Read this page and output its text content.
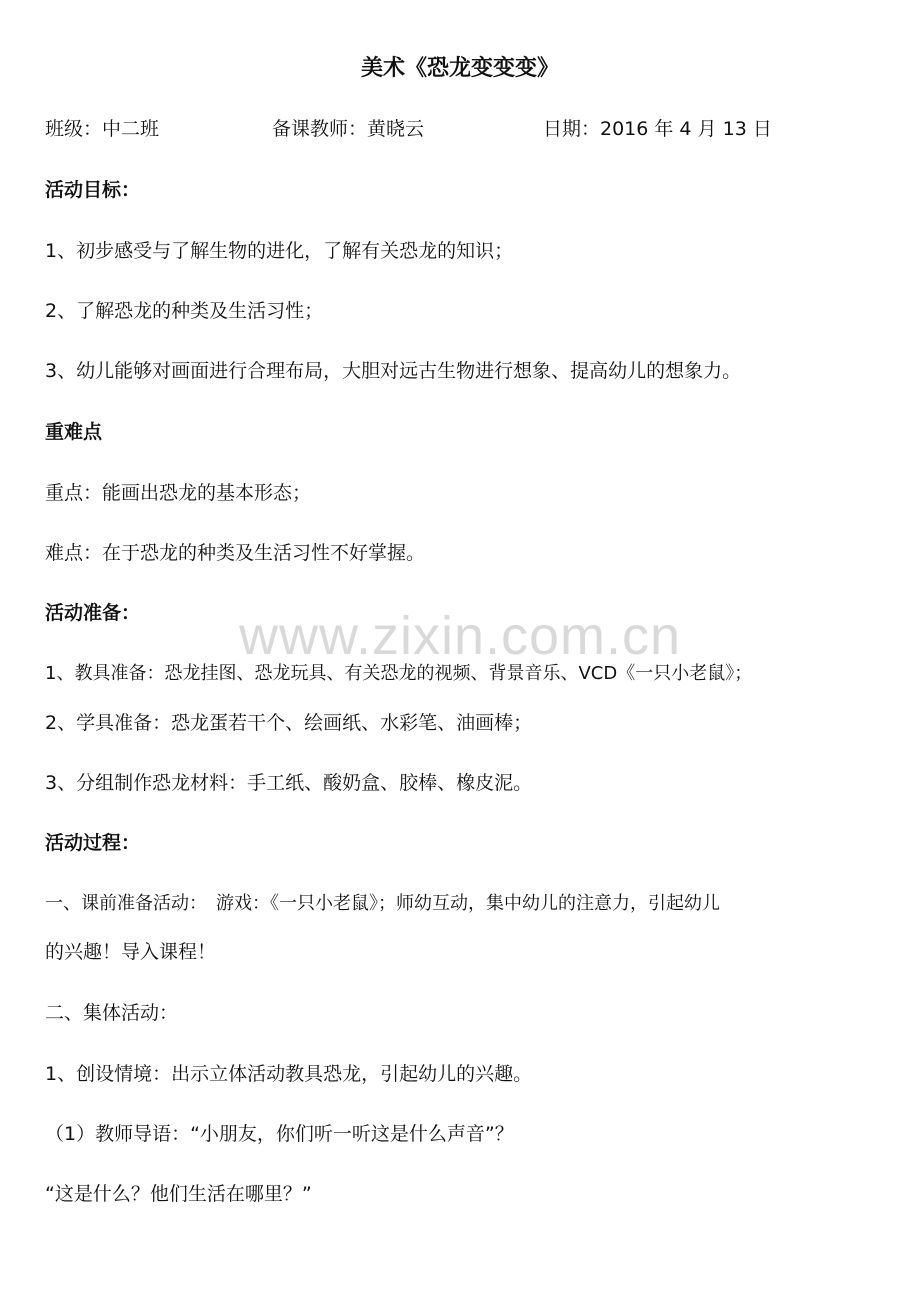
美术《恐龙变变变》
班级：中二班	备课教师：黄晓云	日期：2016 年 4 月 13 日
活动目标：
1、初步感受与了解生物的进化，了解有关恐龙的知识；
2、了解恐龙的种类及生活习性；
3、幼儿能够对画面进行合理布局，大胆对远古生物进行想象、提高幼儿的想象力。
重难点
重点：能画出恐龙的基本形态；
难点：在于恐龙的种类及生活习性不好掌握。
活动准备：
1、教具准备：恐龙挂图、恐龙玩具、有关恐龙的视频、背景音乐、VCD《一只小老鼠》；
2、学具准备：恐龙蛋若干个、绘画纸、水彩笔、油画棒；
3、分组制作恐龙材料：手工纸、酸奶盒、胶棒、橡皮泥。
活动过程：
一、课前准备活动：　游戏：《一只小老鼠》；师幼互动，集中幼儿的注意力，引起幼儿
的兴趣！导入课程！
二、集体活动：
1、创设情境：出示立体活动教具恐龙，引起幼儿的兴趣。
（1）教师导语：“小朋友，你们听一听这是什么声音”？
“这是什么？他们生活在哪里？”
www.zixin.com.cn
